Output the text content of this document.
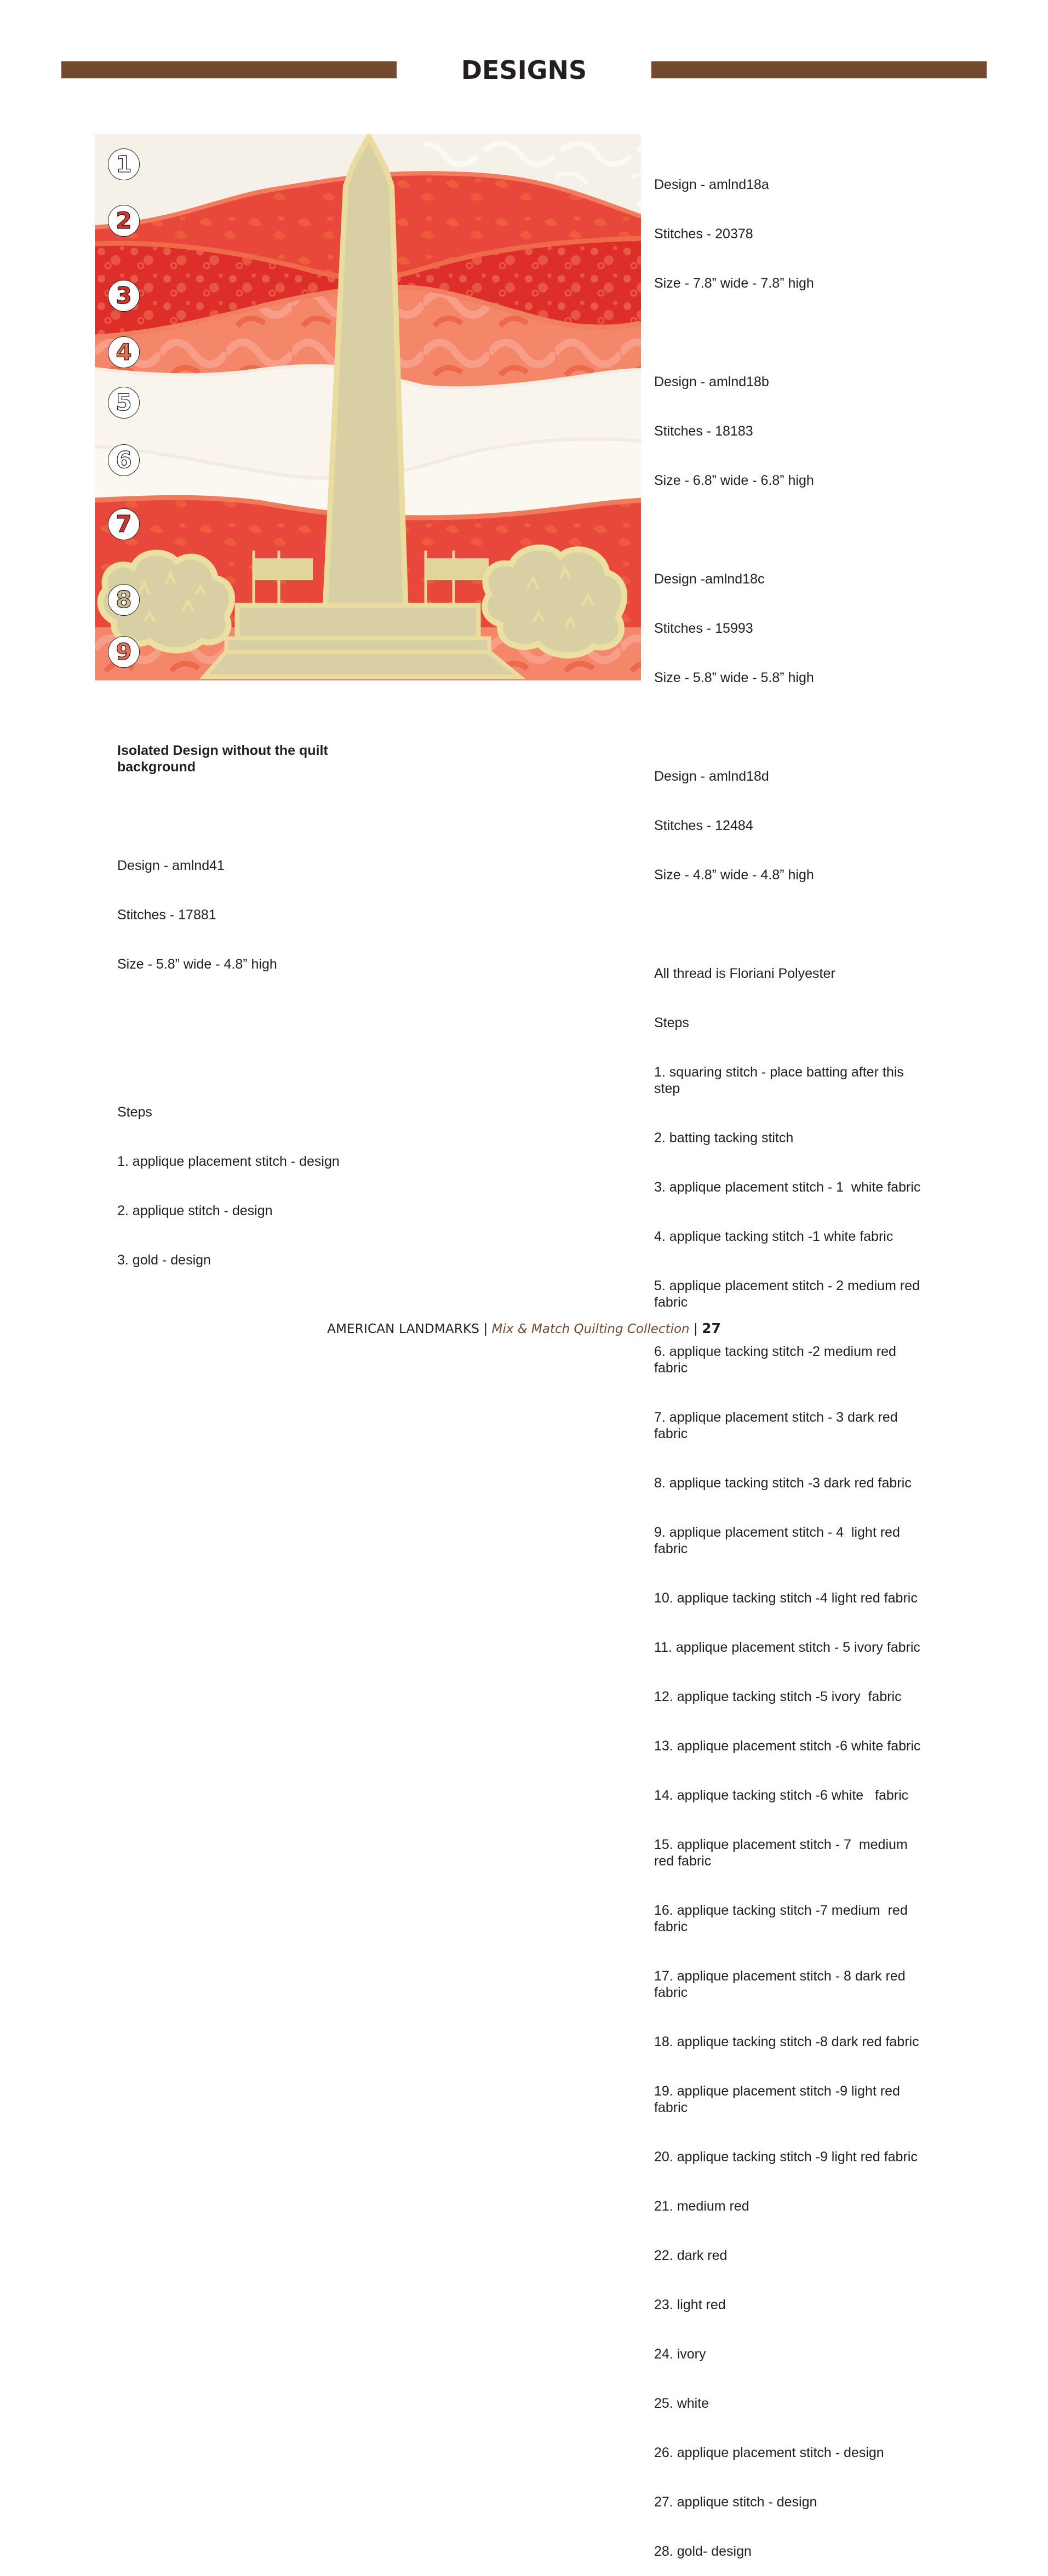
DESIGNS
1
2
3
4
5
6
7
8
9

Design - amlnd18a

Stitches - 20378

Size - 7.8” wide - 7.8” high

Design - amlnd18b

Stitches - 18183

Size - 6.8” wide - 6.8” high

Design -amlnd18c

Stitches - 15993

Size - 5.8” wide - 5.8” high

Design - amlnd18d

Stitches - 12484

Size - 4.8” wide - 4.8” high

All thread is Floriani Polyester

Steps

1. squaring stitch - place batting after this step

2. batting tacking stitch

3. applique placement stitch - 1  white fabric

4. applique tacking stitch -1 white fabric

5. applique placement stitch - 2 medium red fabric

6. applique tacking stitch -2 medium red fabric

7. applique placement stitch - 3 dark red fabric

8. applique tacking stitch -3 dark red fabric

9. applique placement stitch - 4  light red fabric

10. applique tacking stitch -4 light red fabric

11. applique placement stitch - 5 ivory fabric

12. applique tacking stitch -5 ivory  fabric

13. applique placement stitch -6 white fabric

14. applique tacking stitch -6 white   fabric

15. applique placement stitch - 7  medium red fabric

16. applique tacking stitch -7 medium  red fabric

17. applique placement stitch - 8 dark red fabric

18. applique tacking stitch -8 dark red fabric

19. applique placement stitch -9 light red fabric

20. applique tacking stitch -9 light red fabric

21. medium red

22. dark red

23. light red

24. ivory

25. white

26. applique placement stitch - design

27. applique stitch - design

28. gold- design

Isolated Design without the quilt background

Design - amlnd41

Stitches - 17881

Size - 5.8” wide - 4.8” high

Steps

1. applique placement stitch - design

2. applique stitch - design

3. gold - design

AMERICAN LANDMARKS | Mix & Match Quilting Collection | 27
